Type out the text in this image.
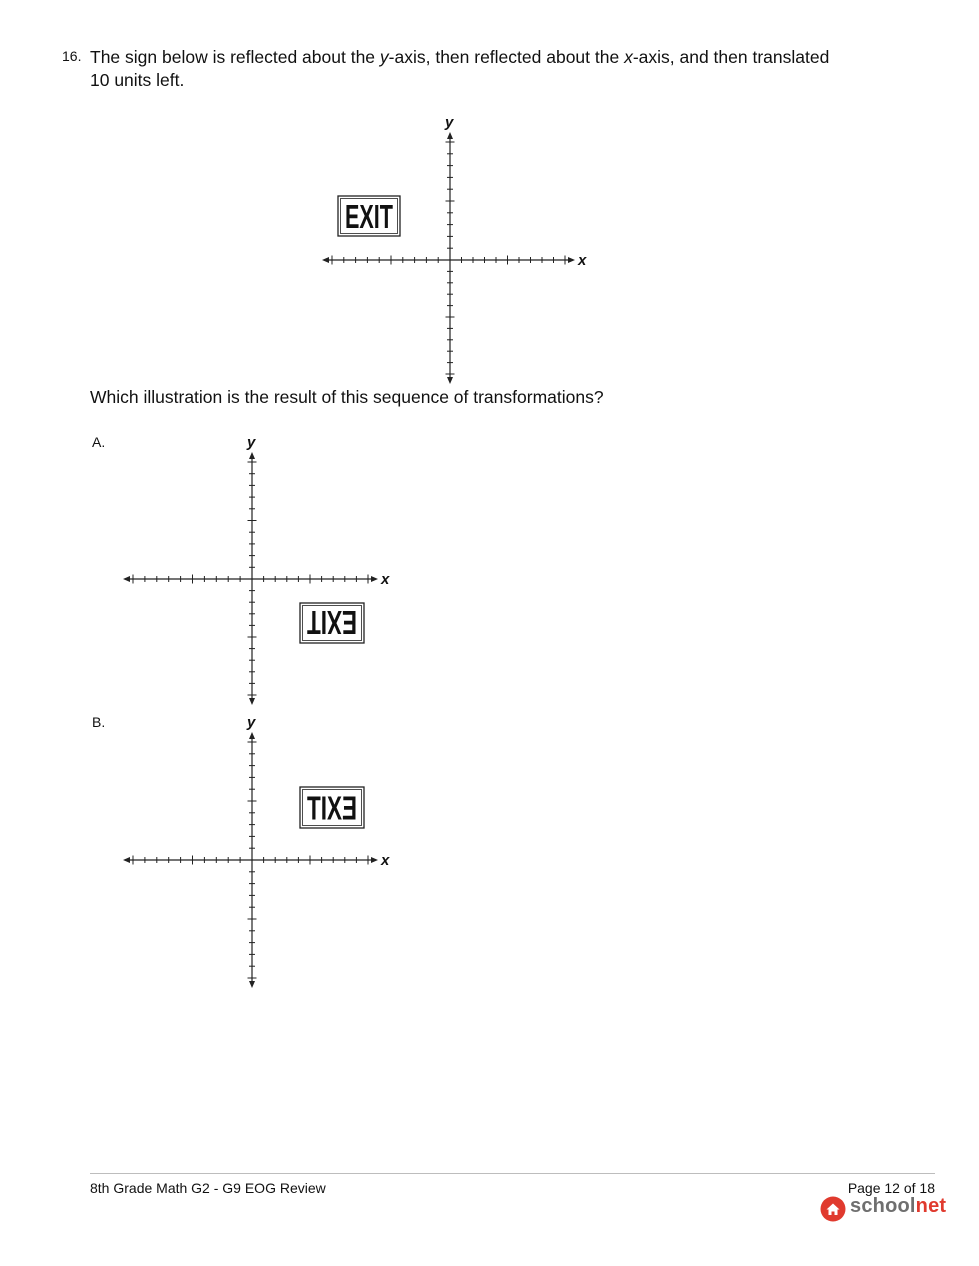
16. The sign below is reflected about the y-axis, then reflected about the x-axis, and then translated 10 units left.
x
y
EXIT
Which illustration is the result of this sequence of transformations?
A.
x
y
EXIT
B.
x
y
EXIT
8th Grade Math G2 - G9 EOG Review	Page 12 of 18
schoolnet
